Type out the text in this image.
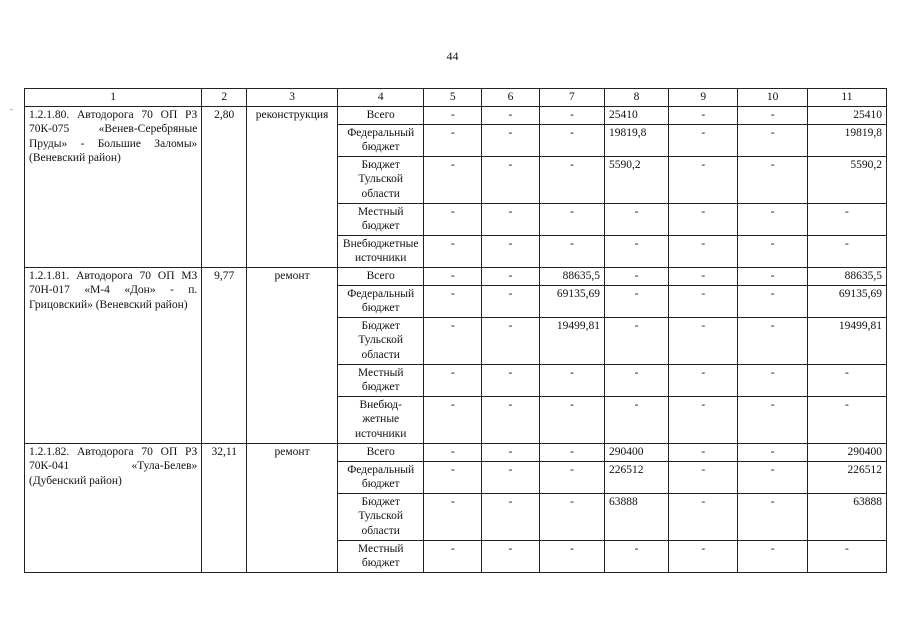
44
-
1	2	3	4	5	6	7	8	9	10	11
1.2.1.80. Автодорога 70 ОП РЗ 70К-075 «Венев-Серебряные Пруды» - Большие Заломы» (Веневский район)	2,80	реконструкция	Всего	-	-	-	25410	-	-	25410
			Федеральный бюджет	-	-	-	19819,8	-	-	19819,8
			Бюджет Тульской области	-	-	-	5590,2	-	-	5590,2
			Местный бюджет	-	-	-	-	-	-	-
			Внебюджетные источники	-	-	-	-	-	-	-
1.2.1.81. Автодорога 70 ОП МЗ 70Н-017 «М-4 «Дон» - п. Грицовский» (Веневский район)	9,77	ремонт	Всего	-	-	88635,5	-	-	-	88635,5
			Федеральный бюджет	-	-	69135,69	-	-	-	69135,69
			Бюджет Тульской области	-	-	19499,81	-	-	-	19499,81
			Местный бюджет	-	-	-	-	-	-	-
			Внебюд-жетные источники	-	-	-	-	-	-	-
1.2.1.82. Автодорога 70 ОП РЗ 70К-041 «Тула-Белев» (Дубенский район)	32,11	ремонт	Всего	-	-	-	290400	-	-	290400
			Федеральный бюджет	-	-	-	226512	-	-	226512
			Бюджет Тульской области	-	-	-	63888	-	-	63888
			Местный бюджет	-	-	-	-	-	-	-
